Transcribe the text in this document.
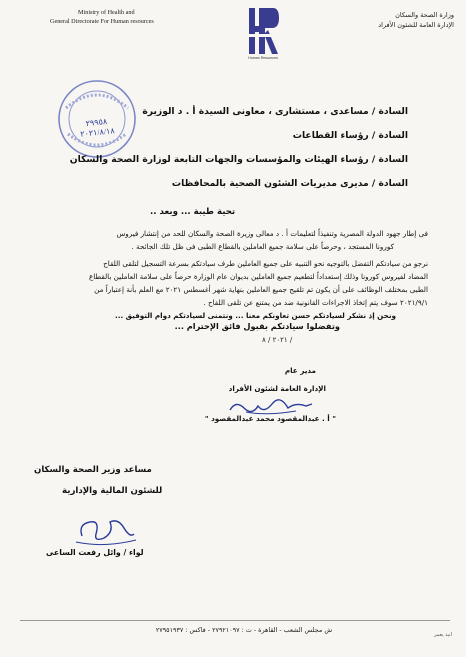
Ministry of Health and
General Directorate For Human resources
Human Resources
وزارة الصحة والسكان
الإدارة العامة للشئون الأفراد
٢٩٩٥٨
٢٠٢١/٨/١٨
السادة / مساعدى ، مستشارى ، معاونى السيدة أ . د الوزيرة
السادة / رؤساء القطاعات
السادة / رؤساء الهيئات والمؤسسات والجهات التابعة لوزارة الصحة والسكان
السادة / مديرى مديريات الشئون الصحية بالمحافظات
تحية طيبة ... وبعد ..
فى إطار جهود الدولة المصرية وتنفيذاً لتعليمات أ . د معالى وزيرة الصحة والسكان للحد من إنتشار فيروس
كورونا المستجد ، وحرصاً على سلامة جميع العاملين بالقطاع الطبى فى ظل تلك الجائحة .
نرجو من سيادتكم التفضل بالتوجيه نحو التنبيه على جميع العاملين طرف سيادتكم بسرعة التسجيل لتلقى اللقاح
المضاد لفيروس كورونا وذلك إستعداداً لتطعيم جميع العاملين بديوان عام الوزارة حرصاً على سلامة العاملين بالقطاع
الطبى بمختلف الوظائف على أن يكون تم تلقيح جميع العاملين بنهاية شهر أغسطس ٢٠٢١ مع العلم بأنة إعتباراً من
٢٠٢١/٩/١ سوف يتم إتخاذ الاجراءات القانونية ضد من يمتنع عن تلقى اللقاح .
ونحن إذ نشكر لسيادتكم حسن تعاونكم معنا ... ونتمنى لسيادتكم دوام التوفيق ...
وتفضلوا سيادتكم بقبول فائق الإحترام ...
٢٠٢١ / ٨ /
مدير عام
الإدارة العامة لشئون الأفراد
" أ . عبدالمقصود محمد عبدالمقصود "
مساعد وزير الصحة والسكان
للشئون المالية والإدارية
لواء / وائل رفعت الساعى
ش مجلس الشعب - القاهرة - ت : ٢٧٩٢١٠٩٧ - فاكس : ٢٧٩٥١٩٣٧
انيد يعمر
